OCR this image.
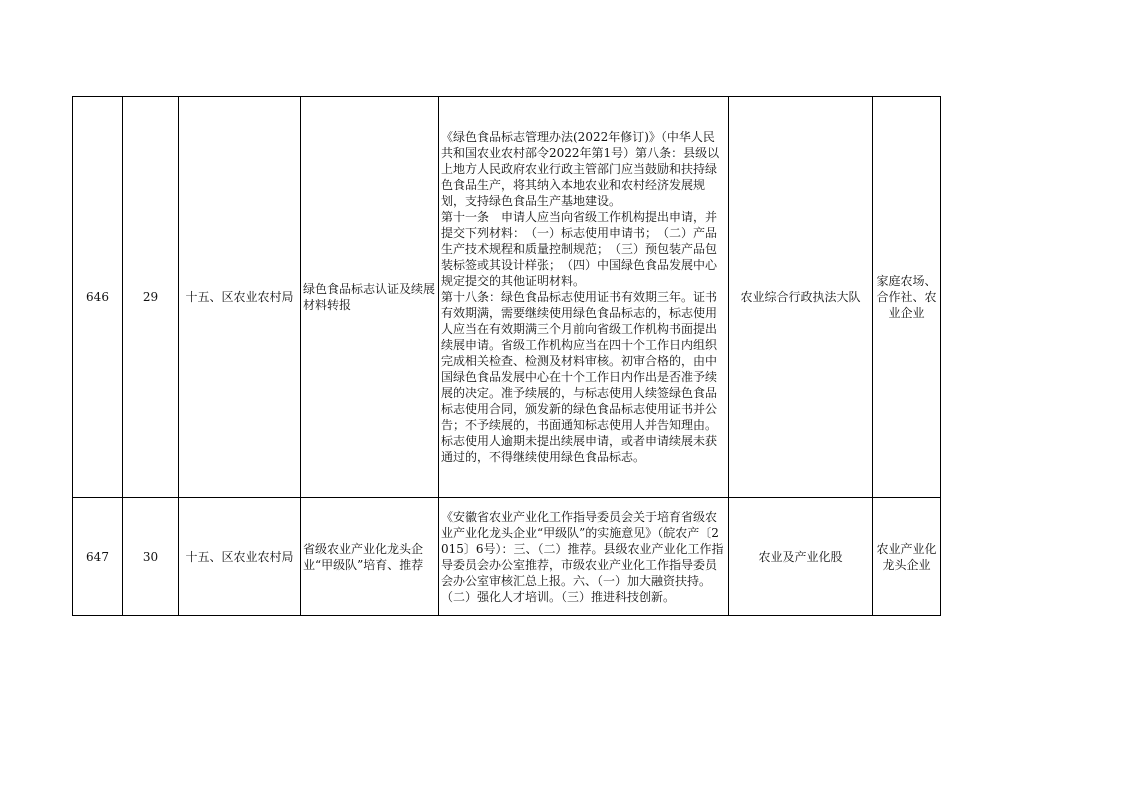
646	29	十五、区农业农村局	绿色食品标志认证及续展材料转报	《绿色食品标志管理办法(2022年修订)》（中华人民共和国农业农村部令2022年第1号）第八条：县级以上地方人民政府农业行政主管部门应当鼓励和扶持绿色食品生产，将其纳入本地农业和农村经济发展规划，支持绿色食品生产基地建设。
第十一条　申请人应当向省级工作机构提出申请，并提交下列材料：　（一）标志使用申请书；　（二）产品生产技术规程和质量控制规范；　（三）预包装产品包装标签或其设计样张；　（四）中国绿色食品发展中心规定提交的其他证明材料。
第十八条：绿色食品标志使用证书有效期三年。证书有效期满，需要继续使用绿色食品标志的，标志使用人应当在有效期满三个月前向省级工作机构书面提出续展申请。省级工作机构应当在四十个工作日内组织完成相关检查、检测及材料审核。初审合格的，由中国绿色食品发展中心在十个工作日内作出是否准予续展的决定。准予续展的，与标志使用人续签绿色食品标志使用合同，颁发新的绿色食品标志使用证书并公告；不予续展的，书面通知标志使用人并告知理由。
标志使用人逾期未提出续展申请，或者申请续展未获通过的，不得继续使用绿色食品标志。	农业综合行政执法大队	家庭农场、合作社、农业企业
647	30	十五、区农业农村局	省级农业产业化龙头企业“甲级队”培育、推荐	《安徽省农业产业化工作指导委员会关于培育省级农业产业化龙头企业“甲级队”的实施意见》（皖农产〔2015〕6号）：三、（二）推荐。县级农业产业化工作指导委员会办公室推荐，市级农业产业化工作指导委员会办公室审核汇总上报。六、（一）加大融资扶持。（二）强化人才培训。（三）推进科技创新。	农业及产业化股	农业产业化龙头企业
